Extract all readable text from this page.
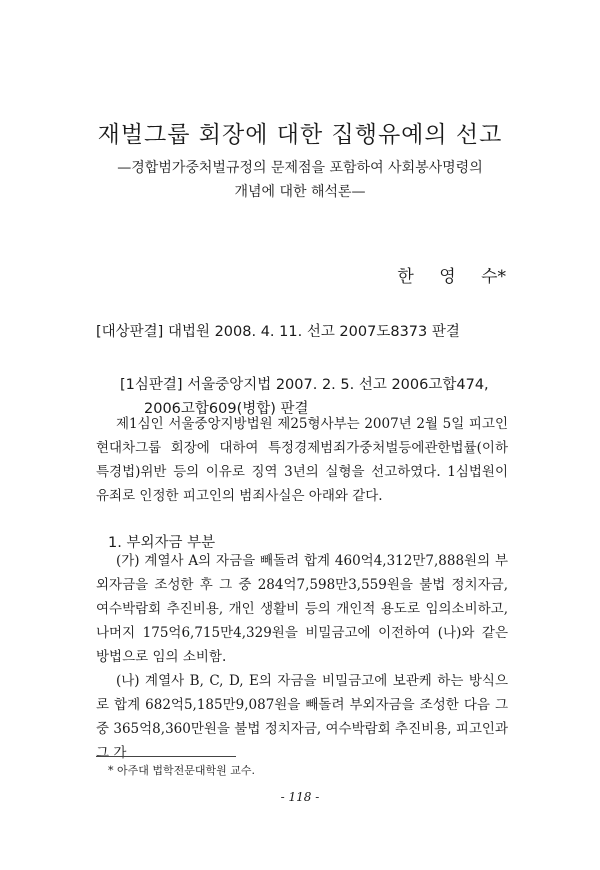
재벌그룹 회장에 대한 집행유예의 선고
—경합범가중처벌규정의 문제점을 포함하여 사회봉사명령의
개념에 대한 해석론—
한 영 수*
[대상판결] 대법원 2008. 4. 11. 선고 2007도8373 판결
[1심판결] 서울중앙지법 2007. 2. 5. 선고 2006고합474,
2006고합609(병합) 판결

제1심인 서울중앙지방법원 제25형사부는 2007년 2월 5일 피고인 현대차그룹 회장에 대하여 특정경제범죄가중처벌등에관한법률(이하 특경법)위반 등의 이유로 징역 3년의 실형을 선고하였다. 1심법원이 유죄로 인정한 피고인의 범죄사실은 아래와 같다.

1. 부외자금 부분

(가) 계열사 A의 자금을 빼돌려 합계 460억4,312만7,888원의 부외자금을 조성한 후 그 중 284억7,598만3,559원을 불법 정치자금, 여수박람회 추진비용, 개인 생활비 등의 개인적 용도로 임의소비하고, 나머지 175억6,715만4,329원을 비밀금고에 이전하여 (나)와 같은 방법으로 임의 소비함.

(나) 계열사 B, C, D, E의 자금을 비밀금고에 보관케 하는 방식으로 합계 682억5,185만9,087원을 빼돌려 부외자금을 조성한 다음 그 중 365억8,360만원을 불법 정치자금, 여수박람회 추진비용, 피고인과 그 가

* 아주대 법학전문대학원 교수.
- 118 -
